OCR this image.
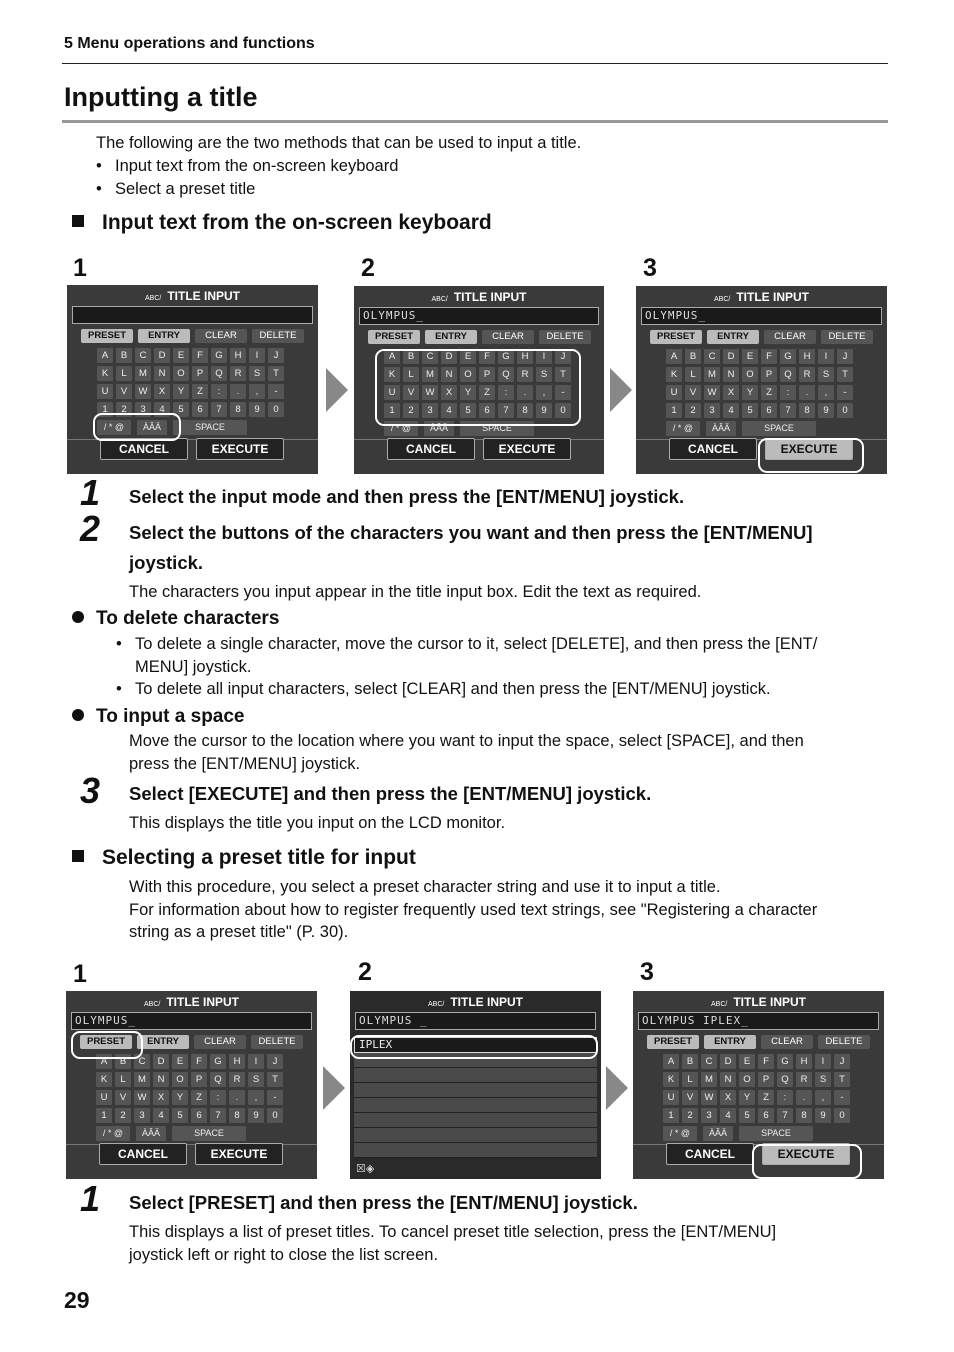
5 Menu operations and functions
Inputting a title
The following are the two methods that can be used to input a title.
• Input text from the on-screen keyboard
• Select a preset title
Input text from the on-screen keyboard
1	2	3
ABC/ TITLE INPUT
PRESET	ENTRY	CLEAR	DELETE
A	B	C	D	E	F	G	H	I	J
K	L	M	N	O	P	Q	R	S	T
U	V	W	X	Y	Z	:	.	,	-
1	2	3	4	5	6	7	8	9	0
/ * @	ÀÂÄ	SPACE
CANCEL	EXECUTE
ABC/ TITLE INPUT
OLYMPUS_
PRESET	ENTRY	CLEAR	DELETE
A	B	C	D	E	F	G	H	I	J
K	L	M	N	O	P	Q	R	S	T
U	V	W	X	Y	Z	:	.	,	-
1	2	3	4	5	6	7	8	9	0
/ * @	ÀÂÄ	SPACE
CANCEL	EXECUTE
ABC/ TITLE INPUT
OLYMPUS_
PRESET	ENTRY	CLEAR	DELETE
A	B	C	D	E	F	G	H	I	J
K	L	M	N	O	P	Q	R	S	T
U	V	W	X	Y	Z	:	.	,	-
1	2	3	4	5	6	7	8	9	0
/ * @	ÀÂÄ	SPACE
CANCEL	EXECUTE
1 Select the input mode and then press the [ENT/MENU] joystick.
2 Select the buttons of the characters you want and then press the [ENT/MENU]
joystick.
The characters you input appear in the title input box. Edit the text as required.
To delete characters
• To delete a single character, move the cursor to it, select [DELETE], and then press the [ENT/
MENU] joystick.
• To delete all input characters, select [CLEAR] and then press the [ENT/MENU] joystick.
To input a space
Move the cursor to the location where you want to input the space, select [SPACE], and then
press the [ENT/MENU] joystick.
3 Select [EXECUTE] and then press the [ENT/MENU] joystick.
This displays the title you input on the LCD monitor.
Selecting a preset title for input
With this procedure, you select a preset character string and use it to input a title.
For information about how to register frequently used text strings, see "Registering a character
string as a preset title" (P. 30).
1	2	3
ABC/ TITLE INPUT
OLYMPUS_
PRESET	ENTRY	CLEAR	DELETE
A	B	C	D	E	F	G	H	I	J
K	L	M	N	O	P	Q	R	S	T
U	V	W	X	Y	Z	:	.	,	-
1	2	3	4	5	6	7	8	9	0
/ * @	ÀÂÄ	SPACE
CANCEL	EXECUTE
ABC/ TITLE INPUT
OLYMPUS _
IPLEX
☒◈
ABC/ TITLE INPUT
OLYMPUS IPLEX_
PRESET	ENTRY	CLEAR	DELETE
A	B	C	D	E	F	G	H	I	J
K	L	M	N	O	P	Q	R	S	T
U	V	W	X	Y	Z	:	.	,	-
1	2	3	4	5	6	7	8	9	0
/ * @	ÀÂÄ	SPACE
CANCEL	EXECUTE
1 Select [PRESET] and then press the [ENT/MENU] joystick.
This displays a list of preset titles. To cancel preset title selection, press the [ENT/MENU]
joystick left or right to close the list screen.
29
